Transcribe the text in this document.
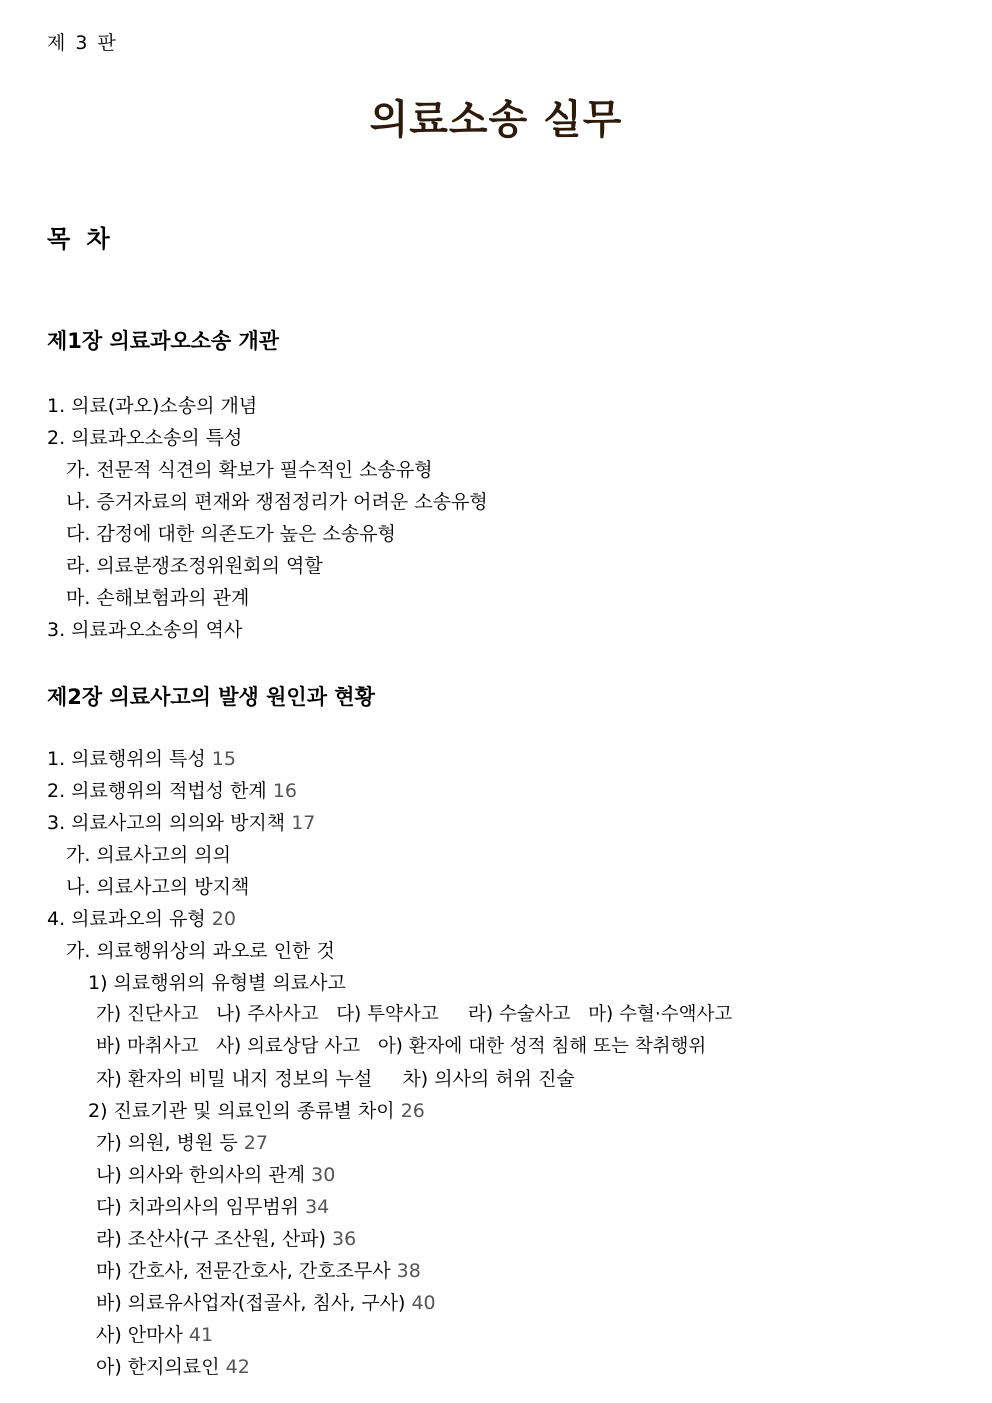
제 3 판
의료소송 실무
목 차
제1장 의료과오소송 개관
1. 의료(과오)소송의 개념
2. 의료과오소송의 특성
가. 전문적 식견의 확보가 필수적인 소송유형
나. 증거자료의 편재와 쟁점정리가 어려운 소송유형
다. 감정에 대한 의존도가 높은 소송유형
라. 의료분쟁조정위원회의 역할
마. 손해보험과의 관계
3. 의료과오소송의 역사
제2장 의료사고의 발생 원인과 현황
1. 의료행위의 특성 15
2. 의료행위의 적법성 한계 16
3. 의료사고의 의의와 방지책 17
가. 의료사고의 의의
나. 의료사고의 방지책
4. 의료과오의 유형 20
가. 의료행위상의 과오로 인한 것
1) 의료행위의 유형별 의료사고
가) 진단사고   나) 주사사고   다) 투약사고     라) 수술사고   마) 수혈·수액사고
바) 마취사고   사) 의료상담 사고   아) 환자에 대한 성적 침해 또는 착취행위
자) 환자의 비밀 내지 정보의 누설     차) 의사의 허위 진술
2) 진료기관 및 의료인의 종류별 차이 26
가) 의원, 병원 등 27
나) 의사와 한의사의 관계 30
다) 치과의사의 임무범위 34
라) 조산사(구 조산원, 산파) 36
마) 간호사, 전문간호사, 간호조무사 38
바) 의료유사업자(접골사, 침사, 구사) 40
사) 안마사 41
아) 한지의료인 42
